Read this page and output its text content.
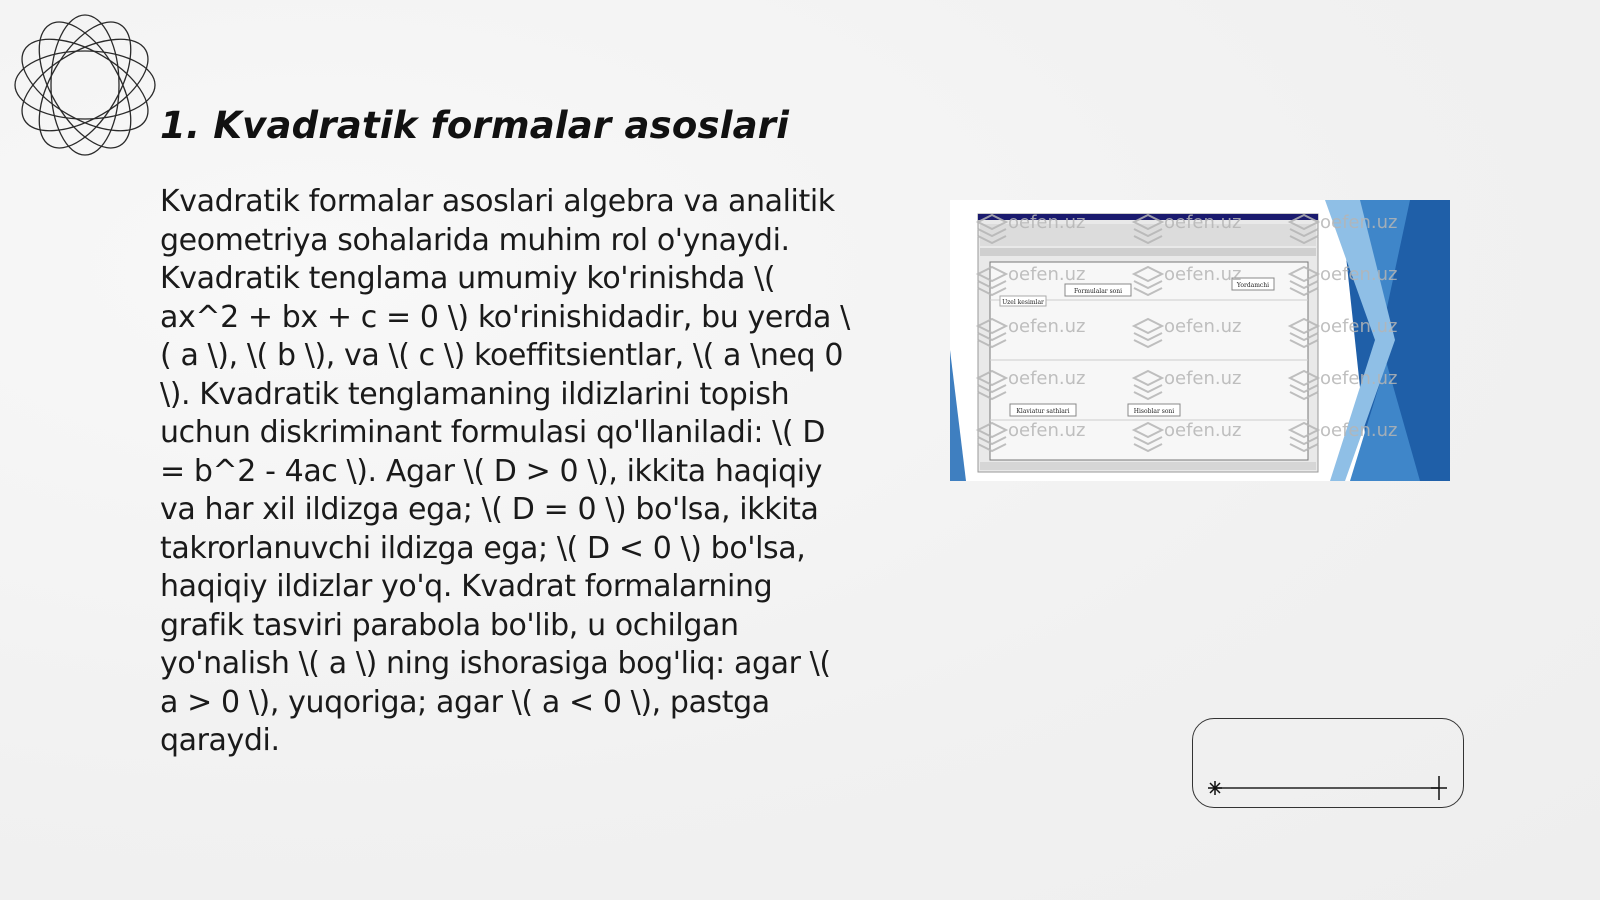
1. Kvadratik formalar asoslari

Kvadratik formalar asoslari algebra va analitik geometriya sohalarida muhim rol o'ynaydi. Kvadratik tenglama umumiy ko'rinishda \( ax^2 + bx + c = 0 \) ko'rinishidadir, bu yerda \( a \), \( b \), va \( c \) koeffitsientlar, \( a \neq 0 \). Kvadratik tenglamaning ildizlarini topish uchun diskriminant formulasi qo'llaniladi: \( D = b^2 - 4ac \). Agar \( D > 0 \), ikkita haqiqiy va har xil ildizga ega; \( D = 0 \) bo'lsa, ikkita takrorlanuvchi ildizga ega; \( D < 0 \) bo'lsa, haqiqiy ildizlar yo'q. Kvadrat formalarning grafik tasviri parabola bo'lib, u ochilgan yo'nalish \( a \) ning ishorasiga bog'liq: agar \( a > 0 \), yuqoriga; agar \( a < 0 \), pastga qaraydi.

Formulalar soni
Yordamchi
Uzel kesimlar
Klaviatur sathlari	Hisoblar soni
oefen.uz	oefen.uz	oefen.uz
oefen.uz	oefen.uz	oefen.uz
oefen.uz	oefen.uz	oefen.uz
oefen.uz	oefen.uz	oefen.uz
oefen.uz	oefen.uz	oefen.uz
